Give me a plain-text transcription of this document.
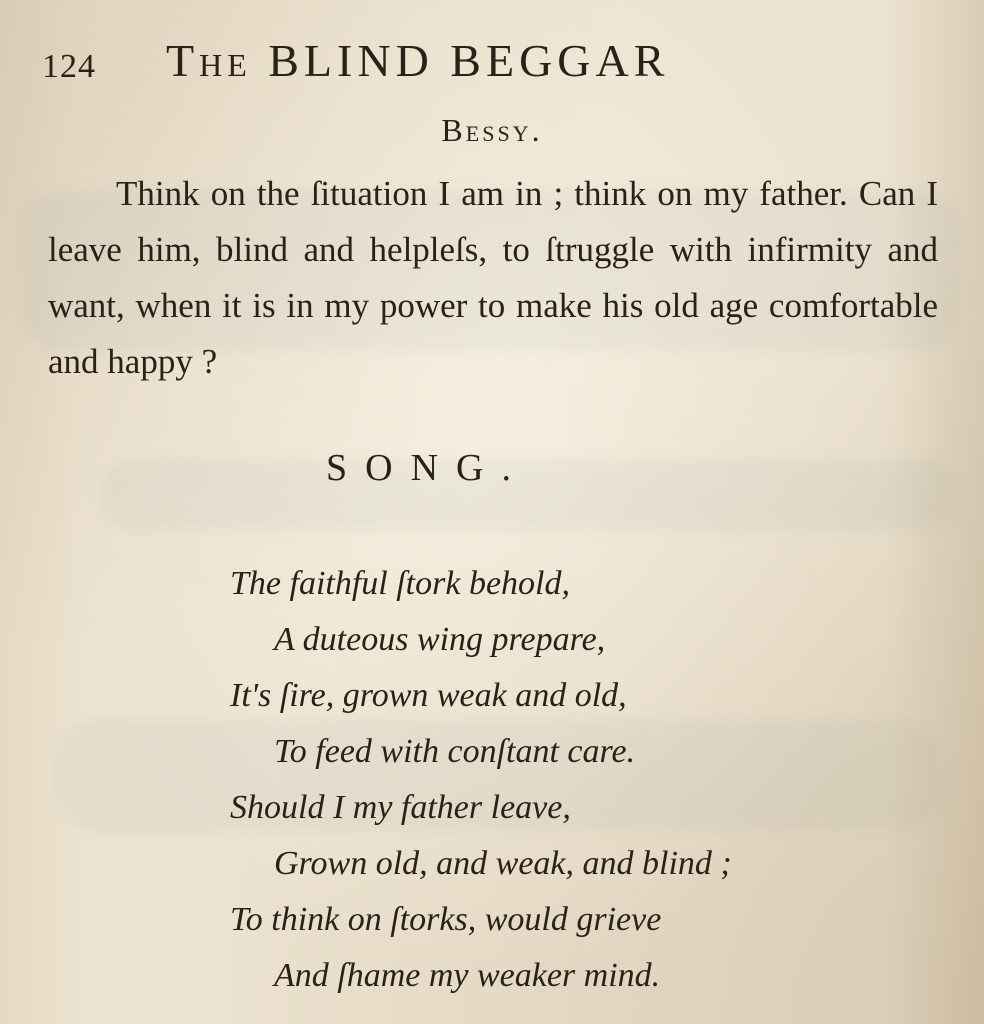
124 The BLIND BEGGAR
Bessy.
Think on the ſituation I am in ; think on my father. Can I leave him, blind and helpleſs, to ſtruggle with infirmity and want, when it is in my power to make his old age comfortable and happy ?
SONG.
The faithful ſtork behold,
A duteous wing prepare,
It's ſire, grown weak and old,
To feed with conſtant care.
Should I my father leave,
Grown old, and weak, and blind ;
To think on ſtorks, would grieve
And ſhame my weaker mind.
